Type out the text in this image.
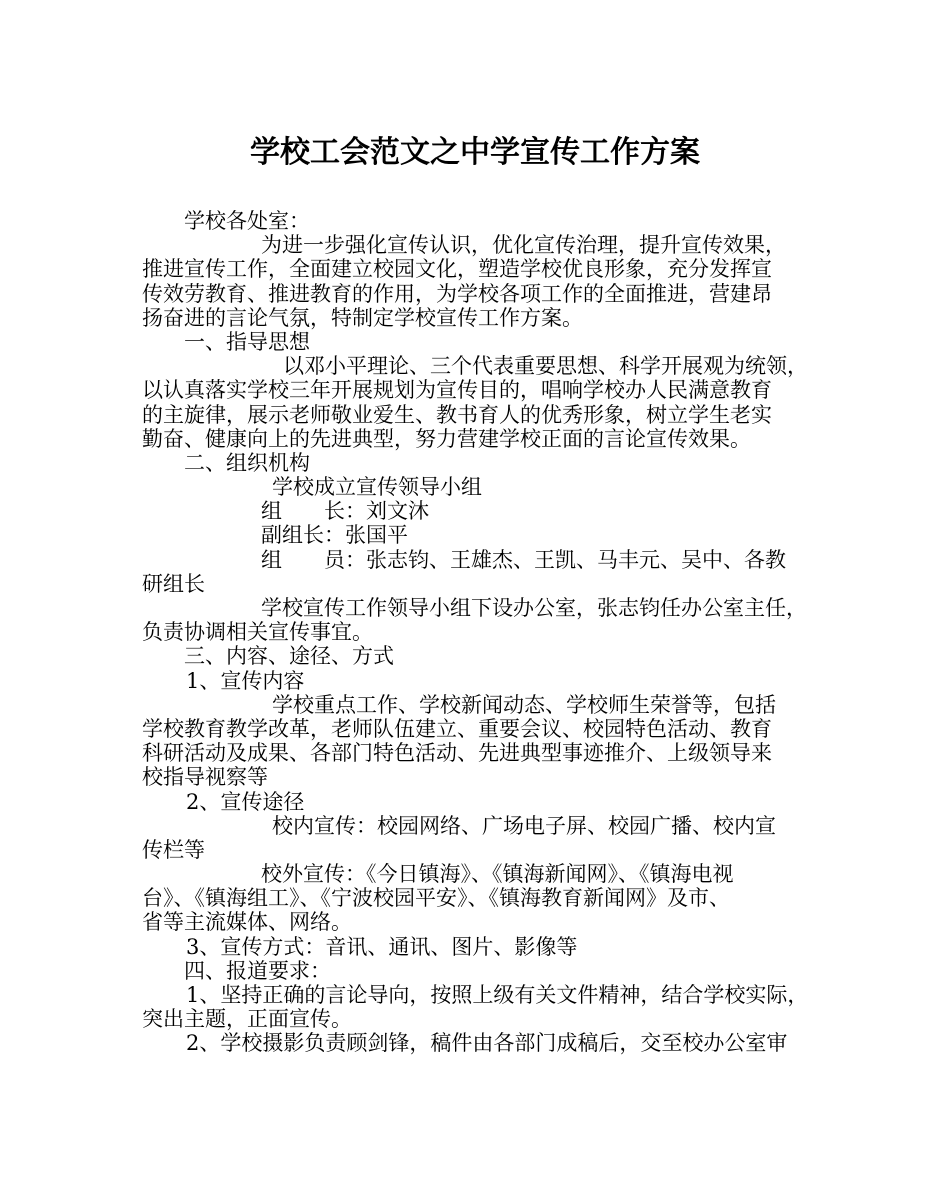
学校工会范文之中学宣传工作方案
学校各处室：
为进一步强化宣传认识，优化宣传治理，提升宣传效果，
推进宣传工作，全面建立校园文化，塑造学校优良形象，充分发挥宣
传效劳教育、推进教育的作用，为学校各项工作的全面推进，营建昂
扬奋进的言论气氛，特制定学校宣传工作方案。
一、指导思想
以邓小平理论、三个代表重要思想、科学开展观为统领，
以认真落实学校三年开展规划为宣传目的，唱响学校办人民满意教育
的主旋律，展示老师敬业爱生、教书育人的优秀形象，树立学生老实
勤奋、健康向上的先进典型，努力营建学校正面的言论宣传效果。
二、组织机构
学校成立宣传领导小组
组　　长：刘文沐
副组长：张国平
组　　员：张志钧、王雄杰、王凯、马丰元、吴中、各教
研组长
学校宣传工作领导小组下设办公室，张志钧任办公室主任，
负责协调相关宣传事宜。
三、内容、途径、方式
1、宣传内容
学校重点工作、学校新闻动态、学校师生荣誉等，包括
学校教育教学改革，老师队伍建立、重要会议、校园特色活动、教育
科研活动及成果、各部门特色活动、先进典型事迹推介、上级领导来
校指导视察等
2、宣传途径
校内宣传：校园网络、广场电子屏、校园广播、校内宣
传栏等
校外宣传：《今日镇海》、《镇海新闻网》、《镇海电视
台》、《镇海组工》、《宁波校园平安》、《镇海教育新闻网》及市、
省等主流媒体、网络。
3、宣传方式：音讯、通讯、图片、影像等
四、报道要求：
1、坚持正确的言论导向，按照上级有关文件精神，结合学校实际，
突出主题，正面宣传。
2、学校摄影负责顾剑锋，稿件由各部门成稿后，交至校办公室审
